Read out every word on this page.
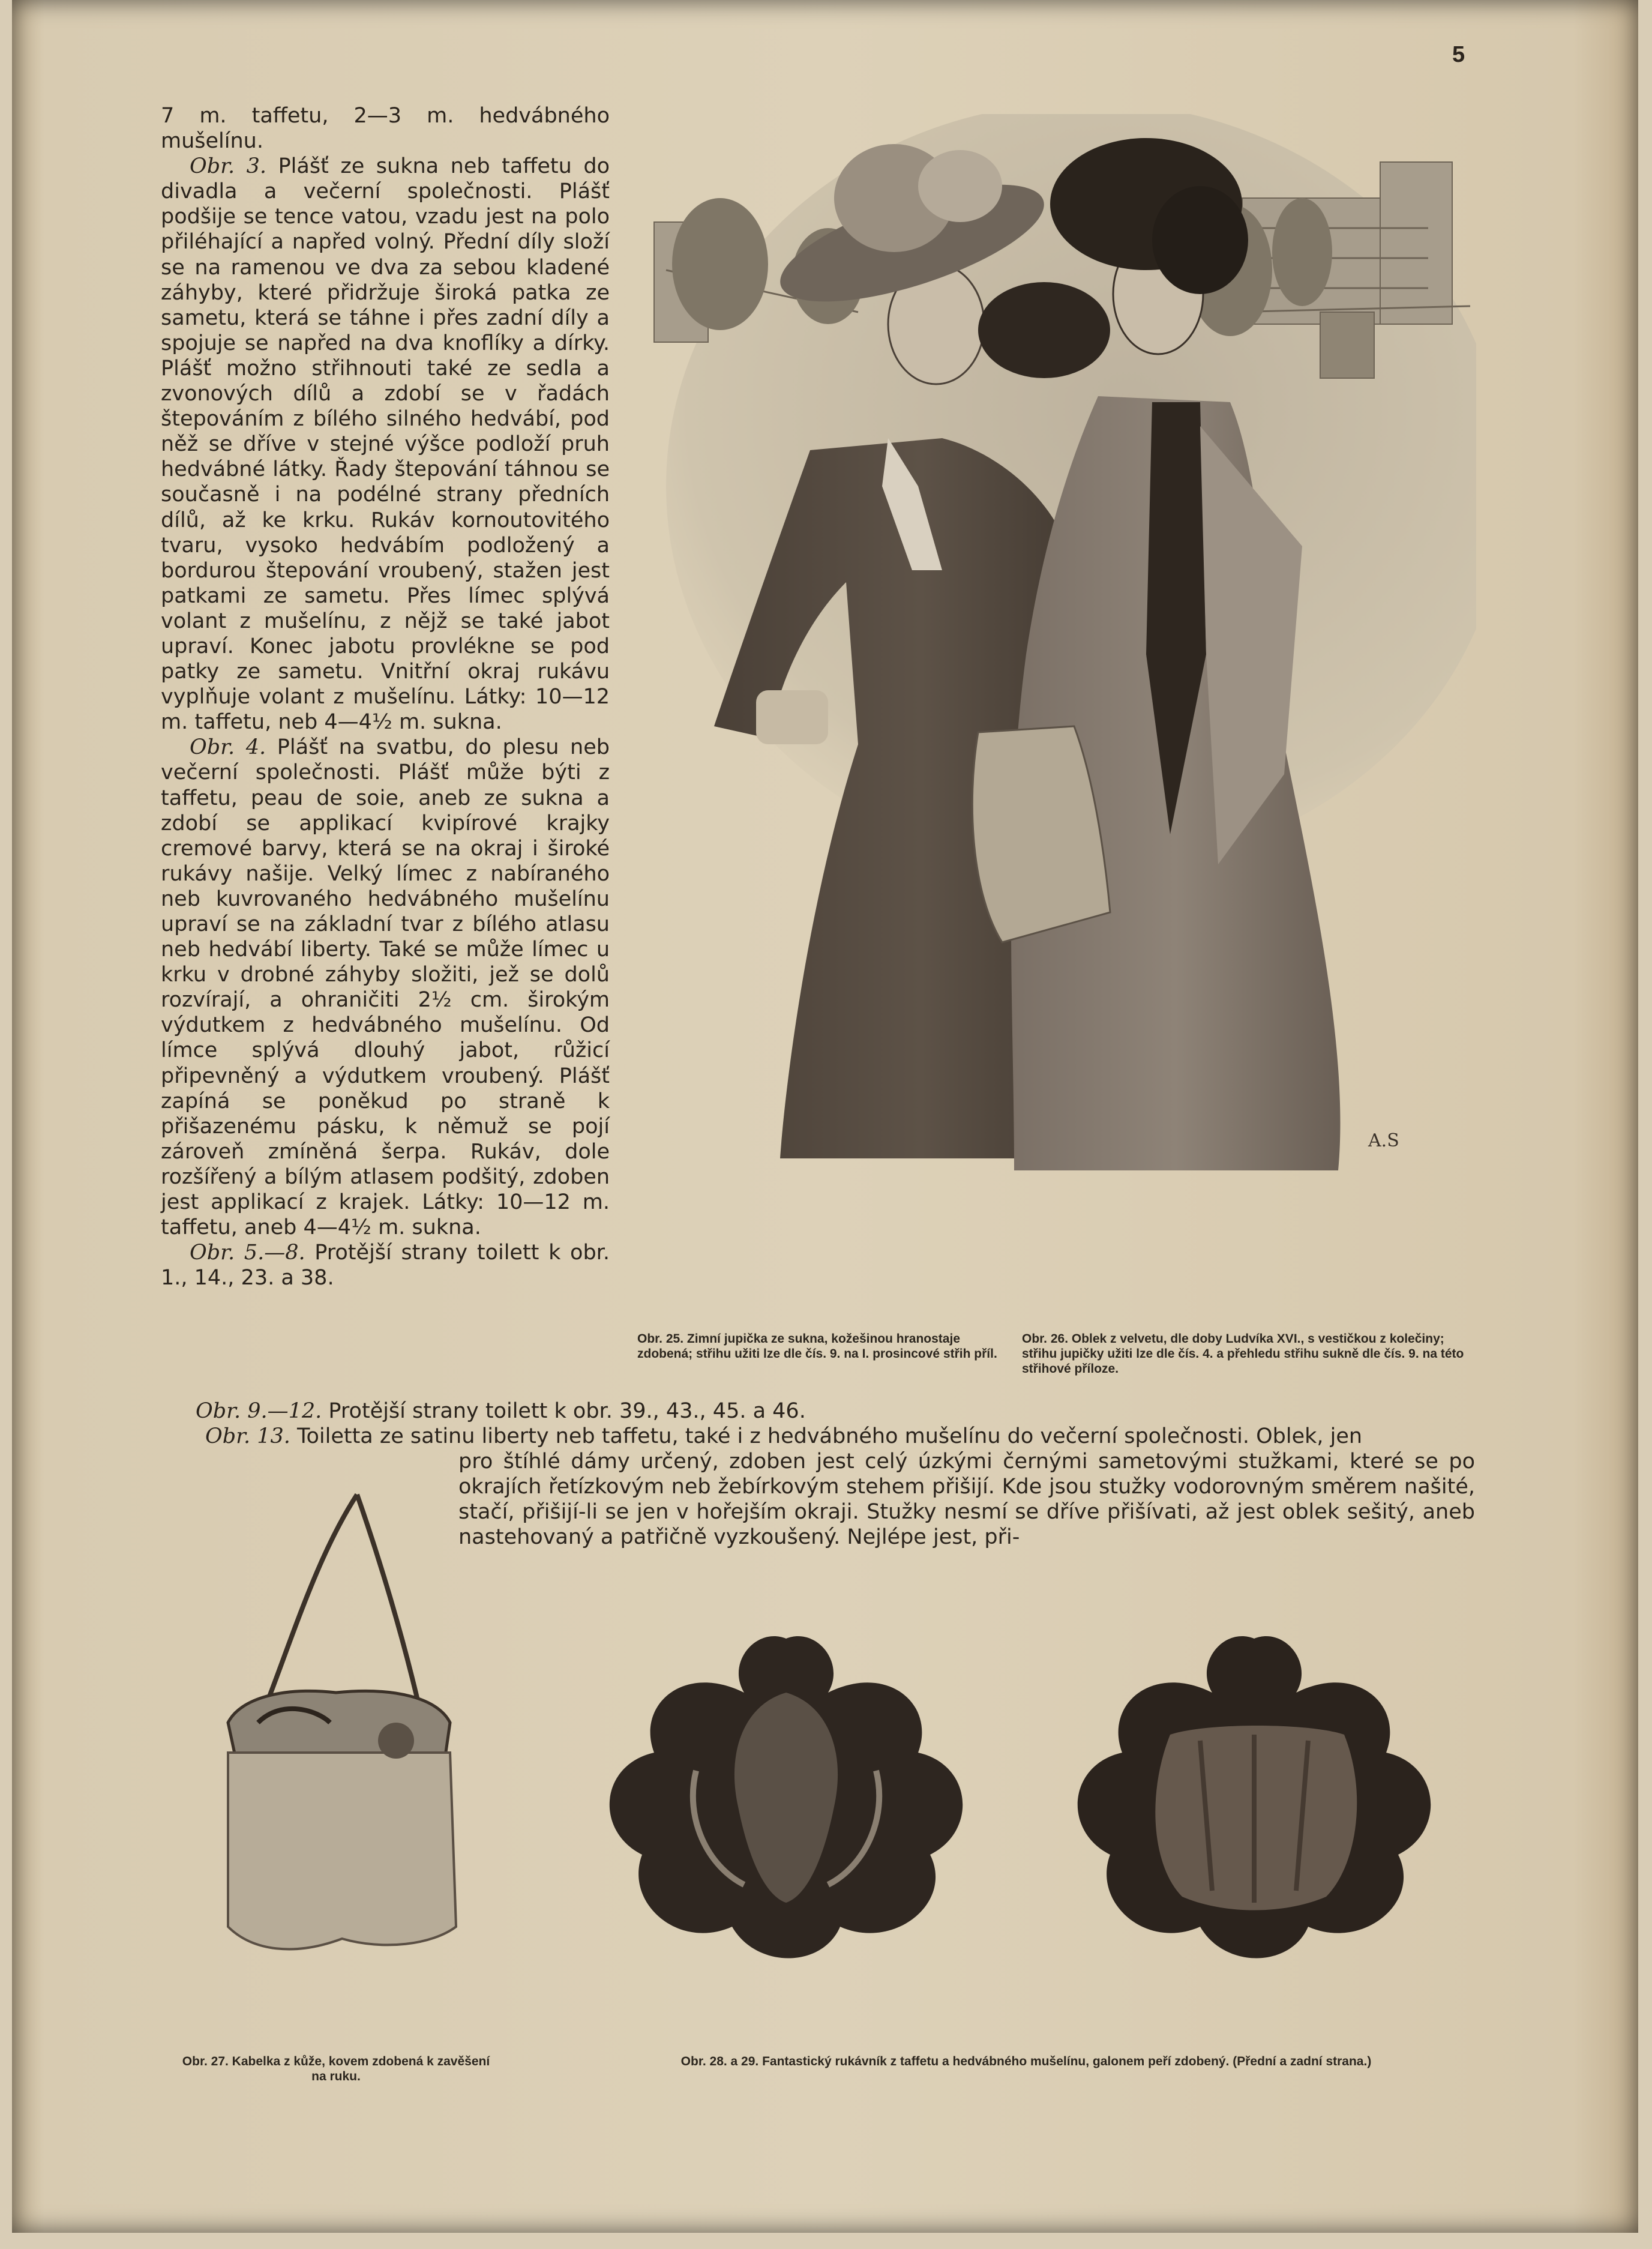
5

7 m. taffetu, 2—3 m. hedvábného mušelínu.

Obr. 3. Plášť ze sukna neb taffetu do divadla a večerní společnosti. Plášť podšije se tence vatou, vzadu jest na polo přiléhající a napřed volný. Přední díly složí se na ramenou ve dva za sebou kladené záhyby, které přidržuje široká patka ze sametu, která se táhne i přes zadní díly a spojuje se napřed na dva knoflíky a dírky. Plášť možno střihnouti také ze sedla a zvonových dílů a zdobí se v řadách štepováním z bílého silného hedvábí, pod něž se dříve v stejné výšce podloží pruh hedvábné látky. Řady štepování táhnou se současně i na podélné strany předních dílů, až ke krku. Rukáv kornoutovitého tvaru, vysoko hedvábím podložený a bordurou štepování vroubený, stažen jest patkami ze sametu. Přes límec splývá volant z mušelínu, z nějž se také jabot upraví. Konec jabotu provlékne se pod patky ze sametu. Vnitřní okraj rukávu vyplňuje volant z mušelínu. Látky: 10—12 m. taffetu, neb 4—4½ m. sukna.

Obr. 4. Plášť na svatbu, do plesu neb večerní společnosti. Plášť může býti z taffetu, peau de soie, aneb ze sukna a zdobí se applikací kvipírové krajky cremové barvy, která se na okraj i široké rukávy našije. Velký límec z nabíraného neb kuvrovaného hedvábného mušelínu upraví se na základní tvar z bílého atlasu neb hedvábí liberty. Také se může límec u krku v drobné záhyby složiti, jež se dolů rozvírají, a ohraničiti 2½ cm. širokým výdutkem z hedvábného mušelínu. Od límce splývá dlouhý jabot, růžicí připevněný a výdutkem vroubený. Plášť zapíná se poněkud po straně k přišazenému pásku, k němuž se pojí zároveň zmíněná šerpa. Rukáv, dole rozšířený a bílým atlasem podšitý, zdoben jest applikací z krajek. Látky: 10—12 m. taffetu, aneb 4—4½ m. sukna.

Obr. 5.—8. Protější strany toilett k obr. 1., 14., 23. a 38.

A.S
Obr. 25. Zimní jupička ze sukna, kožešinou hranostaje zdobená; střihu užiti lze dle čís. 9. na I. prosincové střih příl.
Obr. 26. Oblek z velvetu, dle doby Ludvíka XVI., s vestičkou z kolečiny; střihu jupičky užiti lze dle čís. 4. a přehledu střihu sukně dle čís. 9. na této střihové příloze.
Obr. 9.—12. Protější strany toilett k obr. 39., 43., 45. a 46.
Obr. 13. Toiletta ze satinu liberty neb taffetu, také i z hedvábného mušelínu do večerní společnosti. Oblek, jen
pro štíhlé dámy určený, zdoben jest celý úzkými černými sametovými stužkami, které se po okrajích řetízkovým neb žebírkovým stehem přišijí. Kde jsou stužky vodorovným směrem našité, stačí, přišijí-li se jen v hořejším okraji. Stužky nesmí se dříve přišívati, až jest oblek sešitý, aneb nastehovaný a patřičně vyzkoušený. Nejlépe jest, při-
Obr. 27. Kabelka z kůže, kovem zdobená k zavěšení na ruku.
Obr. 28. a 29. Fantastický rukávník z taffetu a hedvábného mušelínu, galonem peří zdobený. (Přední a zadní strana.)
